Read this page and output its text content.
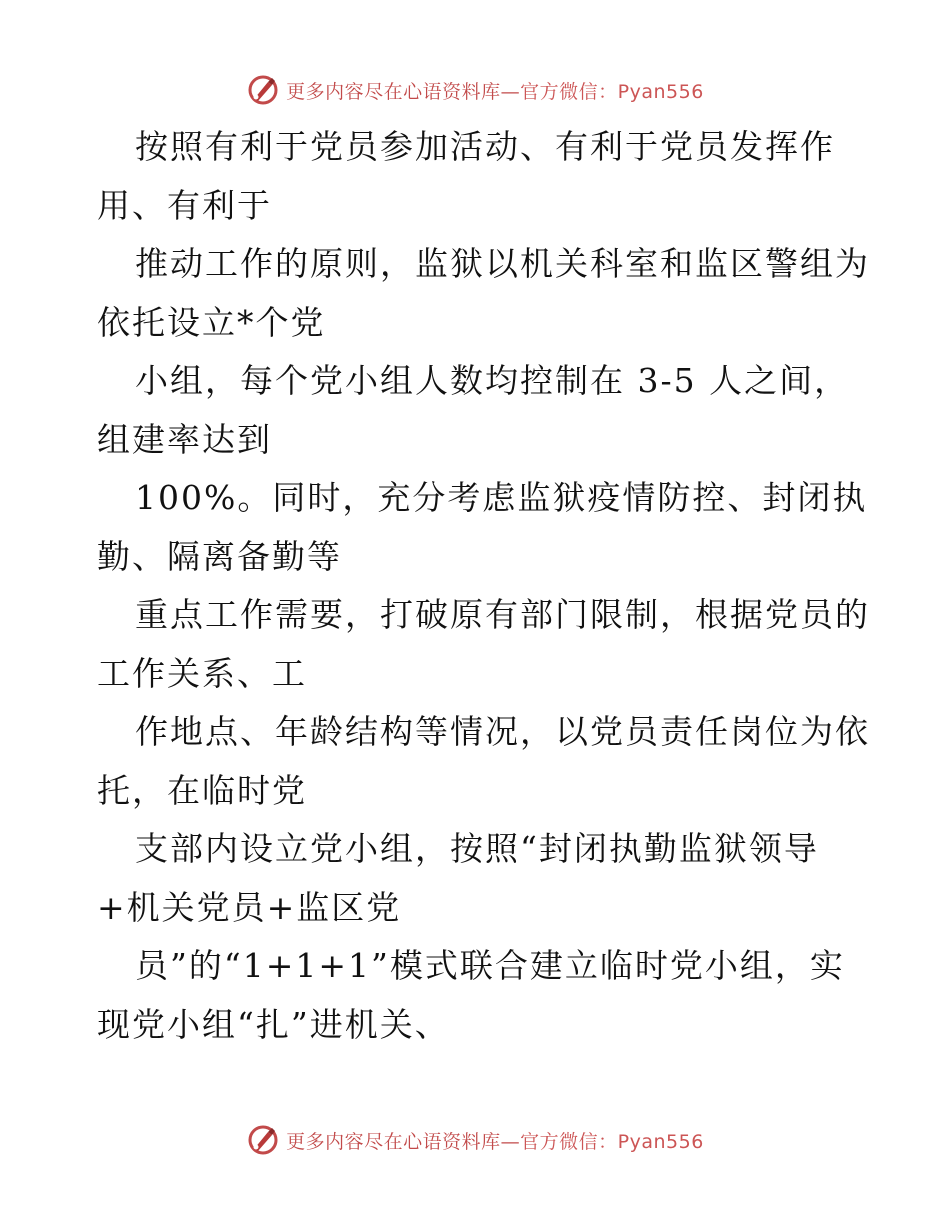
更多内容尽在心语资料库—官方微信：Pyan556
按照有利于党员参加活动、有利于党员发挥作
用、有利于
推动工作的原则，监狱以机关科室和监区警组为
依托设立*个党
小组，每个党小组人数均控制在 3-5 人之间，
组建率达到
100%。同时，充分考虑监狱疫情防控、封闭执
勤、隔离备勤等
重点工作需要，打破原有部门限制，根据党员的
工作关系、工
作地点、年龄结构等情况，以党员责任岗位为依
托，在临时党
支部内设立党小组，按照“封闭执勤监狱领导
+机关党员+监区党
员”的“1+1+1”模式联合建立临时党小组，实
现党小组“扎”进机关、
更多内容尽在心语资料库—官方微信：Pyan556
